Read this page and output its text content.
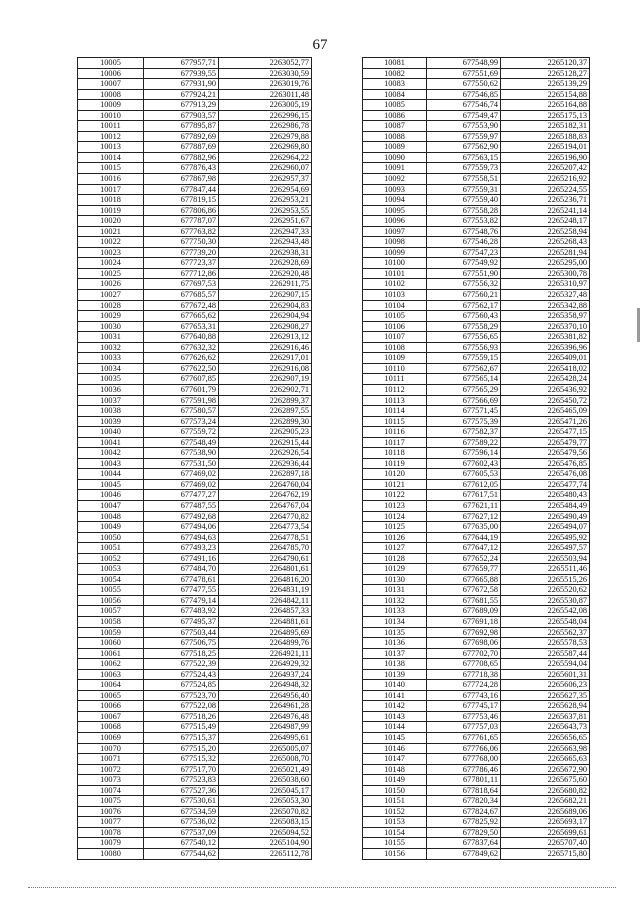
67
10005	677957,71	2263052,77
10006	677939,55	2263030,59
10007	677931,90	2263019,76
10008	677924,21	2263011,48
10009	677913,29	2263005,19
10010	677903,57	2262996,15
10011	677895,87	2262986,78
10012	677892,69	2262979,88
10013	677887,69	2262969,80
10014	677882,96	2262964,22
10015	677876,43	2262960,07
10016	677867,98	2262957,37
10017	677847,44	2262954,69
10018	677819,15	2262953,21
10019	677806,86	2262953,55
10020	677787,07	2262951,67
10021	677763,82	2262947,33
10022	677750,30	2262943,48
10023	677739,20	2262938,31
10024	677723,37	2262928,69
10025	677712,86	2262920,48
10026	677697,53	2262911,75
10027	677685,57	2262907,15
10028	677672,48	2262904,83
10029	677665,62	2262904,94
10030	677653,31	2262908,27
10031	677640,88	2262913,12
10032	677632,32	2262916,46
10033	677626,62	2262917,01
10034	677622,50	2262916,08
10035	677607,85	2262907,19
10036	677601,79	2262902,71
10037	677591,98	2262899,37
10038	677580,57	2262897,55
10039	677573,24	2262899,30
10040	677559,72	2262905,23
10041	677548,49	2262915,44
10042	677538,90	2262926,54
10043	677531,50	2262936,44
10044	677469,02	2262897,18
10045	677469,02	2264760,04
10046	677477,27	2264762,19
10047	677487,55	2264767,04
10048	677492,68	2264770,82
10049	677494,06	2264773,54
10050	677494,63	2264778,51
10051	677493,23	2264785,70
10052	677491,16	2264790,61
10053	677484,70	2264801,61
10054	677478,61	2264816,20
10055	677477,55	2264831,19
10056	677479,14	2264842,11
10057	677483,92	2264857,33
10058	677495,37	2264881,61
10059	677503,44	2264895,69
10060	677506,75	2264899,76
10061	677518,25	2264921,11
10062	677522,39	2264929,32
10063	677524,43	2264937,24
10064	677524,85	2264948,32
10065	677523,70	2264956,40
10066	677522,08	2264961,28
10067	677518,26	2264976,48
10068	677515,49	2264987,99
10069	677515,37	2264995,61
10070	677515,20	2265005,07
10071	677515,32	2265008,70
10072	677517,70	2265021,49
10073	677523,83	2265038,60
10074	677527,36	2265045,17
10075	677530,61	2265053,30
10076	677534,59	2265070,82
10077	677536,02	2265083,15
10078	677537,09	2265094,52
10079	677540,12	2265104,90
10080	677544,62	2265112,78
10081	677548,99	2265120,37
10082	677551,69	2265128,27
10083	677550,62	2265139,29
10084	677546,85	2265154,88
10085	677546,74	2265164,88
10086	677549,47	2265175,13
10087	677553,90	2265182,31
10088	677559,97	2265188,83
10089	677562,90	2265194,01
10090	677563,15	2265196,90
10091	677559,73	2265207,42
10092	677558,51	2265216,92
10093	677559,31	2265224,55
10094	677559,40	2265236,71
10095	677558,28	2265241,14
10096	677553,82	2265248,17
10097	677548,76	2265258,94
10098	677546,28	2265268,43
10099	677547,23	2265281,94
10100	677549,92	2265295,00
10101	677551,90	2265300,78
10102	677556,32	2265310,97
10103	677560,21	2265327,48
10104	677562,17	2265342,88
10105	677560,43	2265358,97
10106	677558,29	2265370,10
10107	677556,65	2265381,82
10108	677556,93	2265396,96
10109	677559,15	2265409,01
10110	677562,67	2265418,02
10111	677565,14	2265428,24
10112	677565,29	2265436,92
10113	677566,69	2265450,72
10114	677571,45	2265465,09
10115	677575,39	2265471,26
10116	677582,37	2265477,15
10117	677589,22	2265479,77
10118	677596,14	2265479,56
10119	677602,43	2265476,85
10120	677605,53	2265476,08
10121	677612,05	2265477,74
10122	677617,51	2265480,43
10123	677621,11	2265484,49
10124	677627,12	2265490,49
10125	677635,00	2265494,07
10126	677644,19	2265495,92
10127	677647,12	2265497,57
10128	677652,24	2265503,94
10129	677659,77	2265511,46
10130	677665,88	2265515,26
10131	677672,58	2265520,62
10132	677681,55	2265530,87
10133	677689,09	2265542,08
10134	677691,18	2265548,04
10135	677692,98	2265562,37
10136	677698,06	2265578,53
10137	677702,70	2265587,44
10138	677708,65	2265594,04
10139	677718,38	2265601,31
10140	677724,28	2265606,23
10141	677743,16	2265627,35
10142	677745,17	2265628,94
10143	677753,46	2265637,81
10144	677757,03	2265643,73
10145	677761,65	2265656,65
10146	677766,06	2265663,98
10147	677768,00	2265665,63
10148	677786,46	2265672,90
10149	677801,11	2265675,60
10150	677818,64	2265680,82
10151	677820,34	2265682,21
10152	677824,67	2265689,06
10153	677825,92	2265693,17
10154	677829,50	2265699,61
10155	677837,64	2265707,40
10156	677849,62	2265715,80
